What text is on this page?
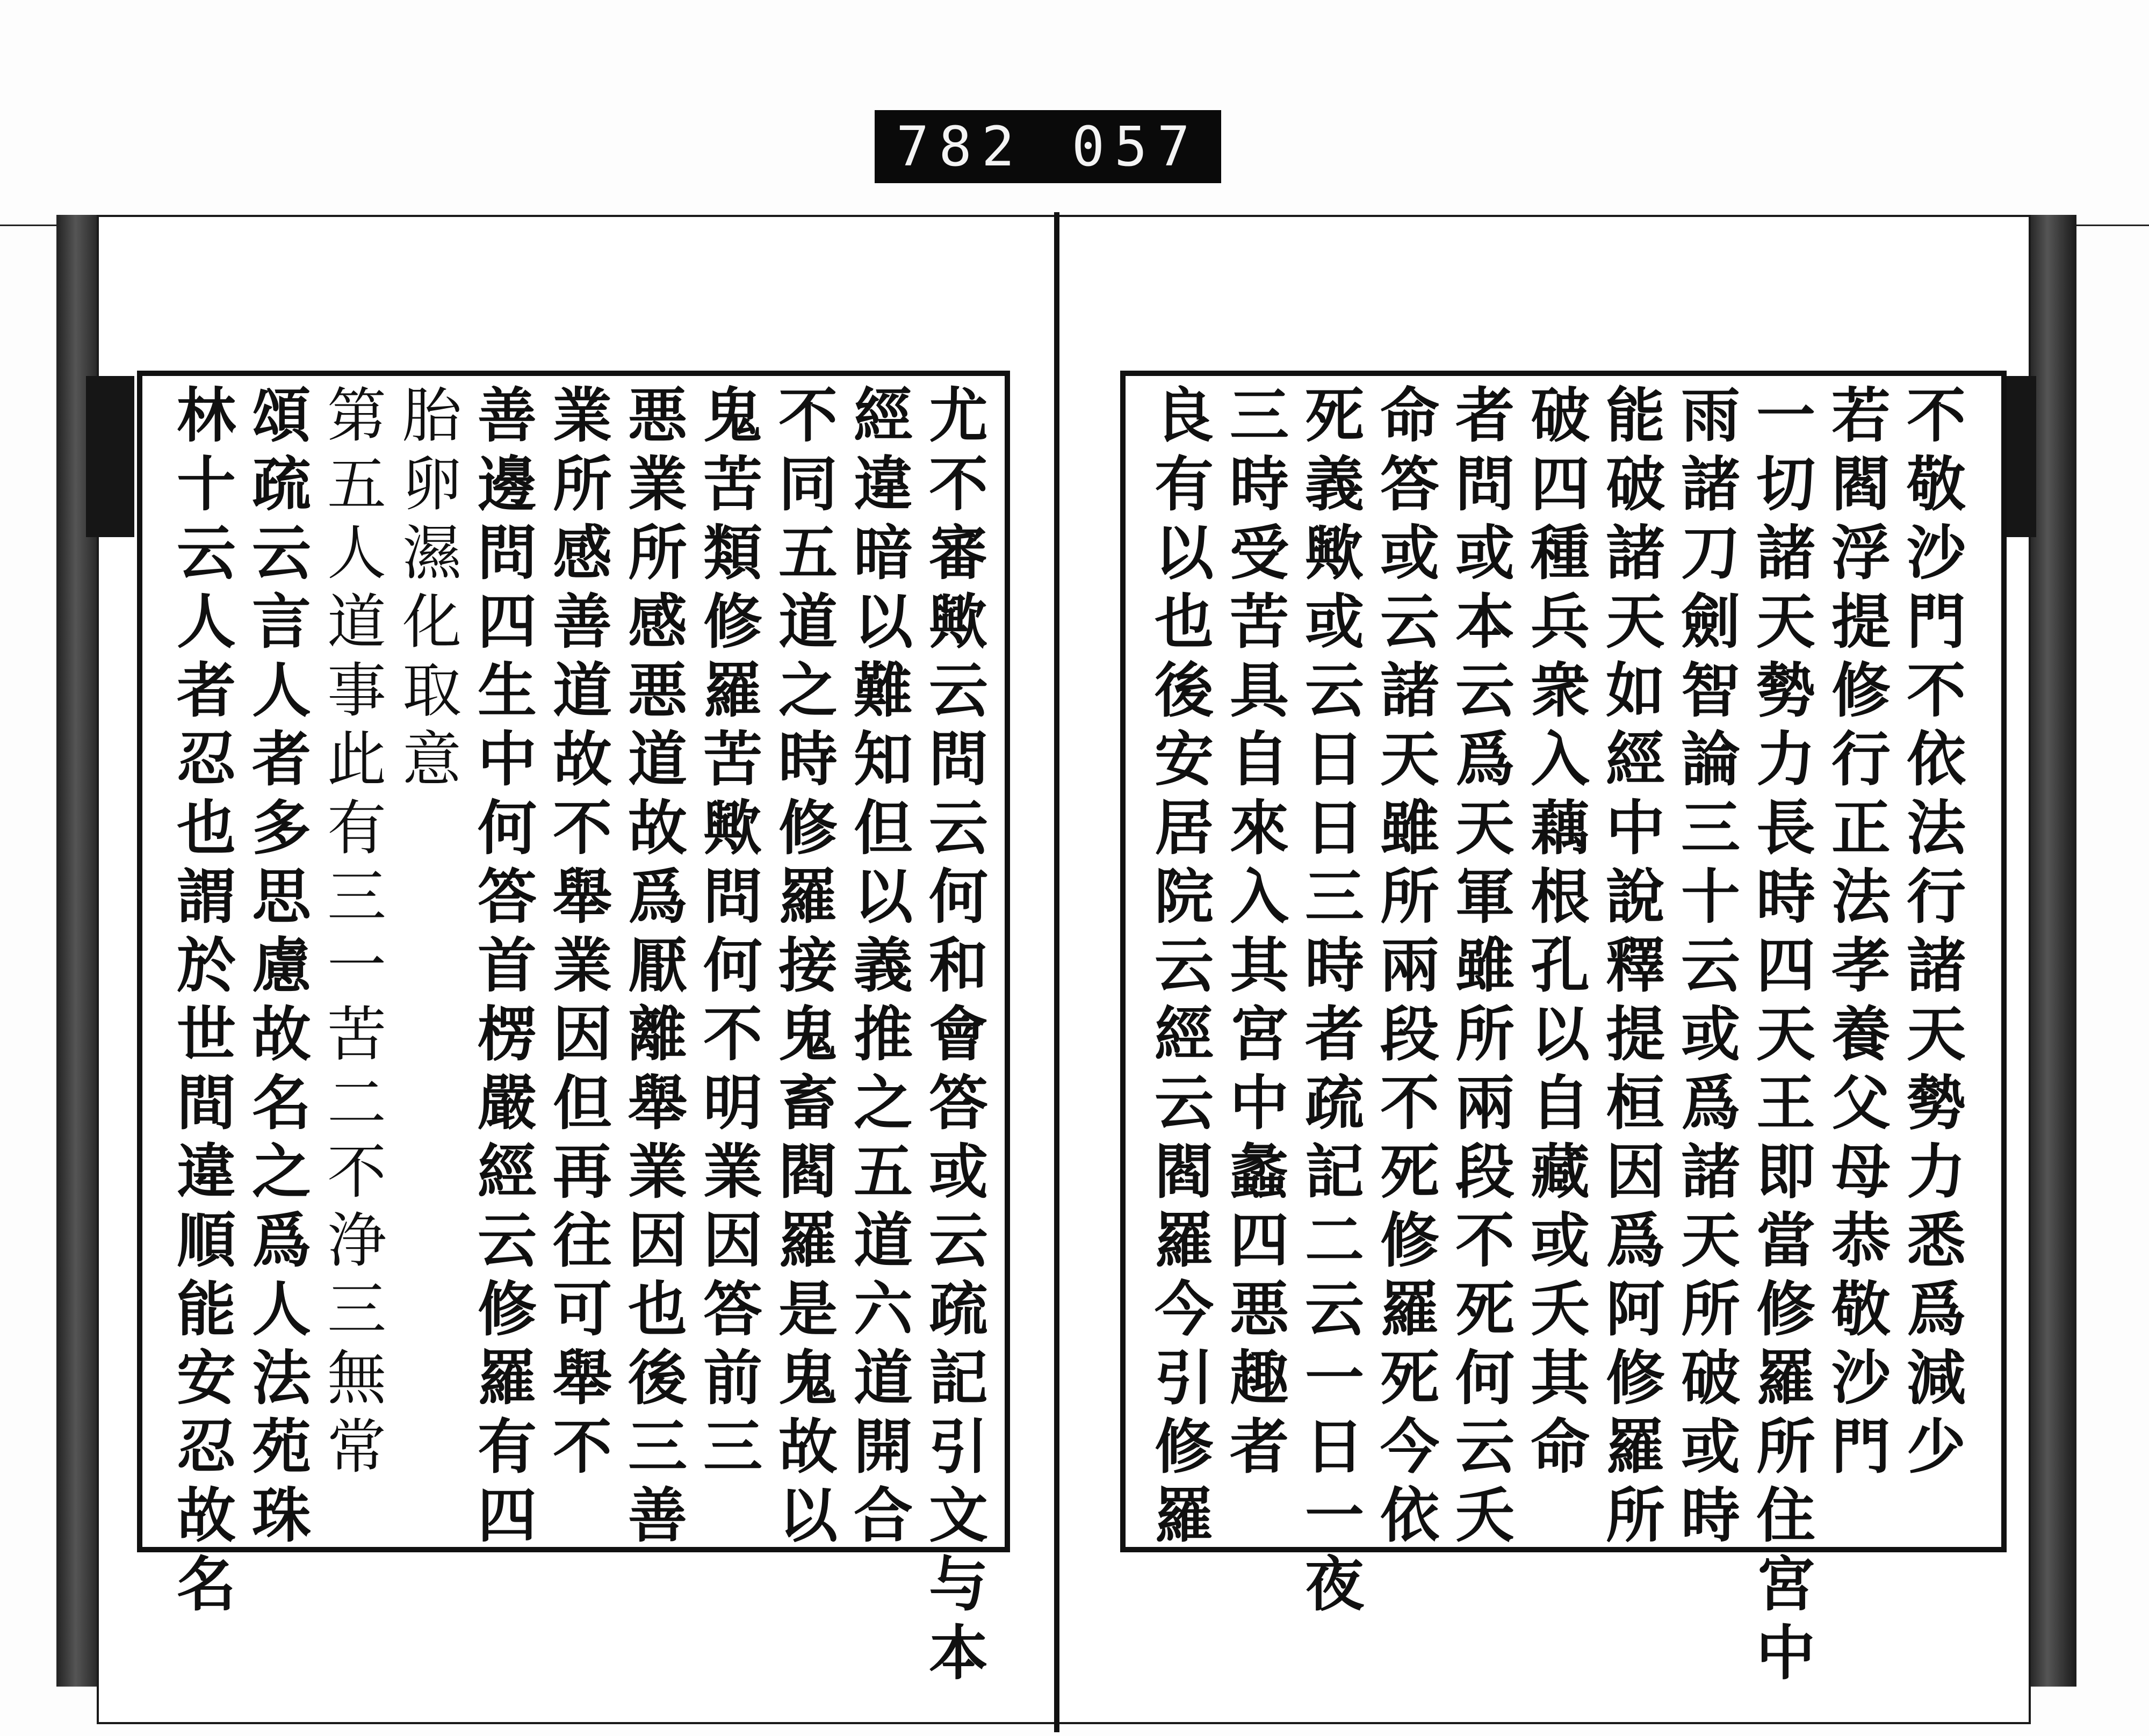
782 057
不敬沙門不依法行諸天勢力悉爲減少
若閻浮提修行正法孝養父母恭敬沙門
一切諸天勢力長時四天王即當修羅所住宮中
雨諸刀劍智論三十云或爲諸天所破或時
能破諸天如經中說釋提桓因爲阿修羅所
破四種兵衆入藕根孔以自藏或夭其命
者問或本云爲天軍雖所兩段不死何云夭
命答或云諸天雖所兩段不死修羅死今依
死義歟或云日日三時者疏記二云一日一夜
三時受苦具自來入其宮中蠡四悪趣者
良有以也後安居院云經云閻羅今引修羅
尤不審歟云問云何和會答或云疏記引文与本
經違暗以難知但以義推之五道六道開合
不同五道之時修羅接鬼畜閻羅是鬼故以
鬼苦類修羅苦歟問何不明業因答前三
悪業所感悪道故爲厭離舉業因也後三善
業所感善道故不舉業因但再往可舉不
善邊問四生中何答首楞嚴經云修羅有四
胎卵濕化取意
第五人道事此有三一苦二不浄三無常
頌疏云言人者多思慮故名之爲人法苑珠
林十云人者忍也謂於世間違順能安忍故名
